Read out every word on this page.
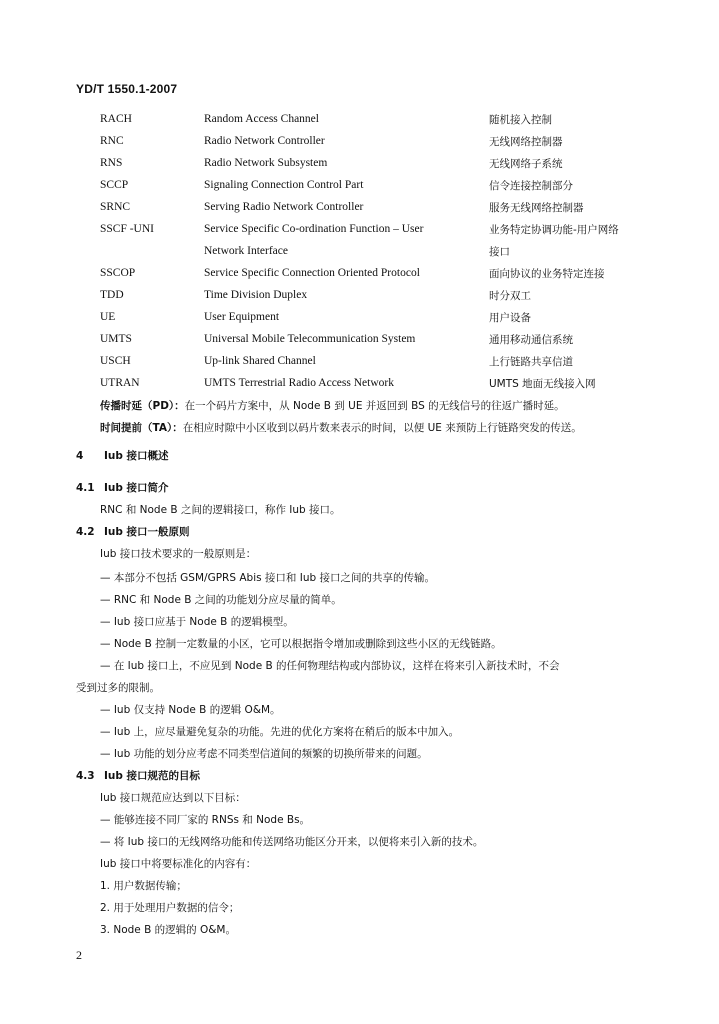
YD/T 1550.1-2007
RACH	Random Access Channel	随机接入控制
RNC	Radio Network Controller	无线网络控制器
RNS	Radio Network Subsystem	无线网络子系统
SCCP	Signaling Connection Control Part	信令连接控制部分
SRNC	Serving Radio Network Controller	服务无线网络控制器
SSCF -UNI	Service Specific Co-ordination Function – User	业务特定协调功能-用户网络
Network Interface	接口
SSCOP	Service Specific Connection Oriented Protocol	面向协议的业务特定连接
TDD	Time Division Duplex	时分双工
UE	User Equipment	用户设备
UMTS	Universal Mobile Telecommunication System	通用移动通信系统
USCH	Up-link Shared Channel	上行链路共享信道
UTRAN	UMTS Terrestrial Radio Access Network	UMTS 地面无线接入网
传播时延（PD）：在一个码片方案中，从 Node B 到 UE 并返回到 BS 的无线信号的往返广播时延。
时间提前（TA）：在相应时隙中小区收到以码片数来表示的时间，以便 UE 来预防上行链路突发的传送。
4 Iub 接口概述
4.1 Iub 接口简介
RNC 和 Node B 之间的逻辑接口，称作 Iub 接口。
4.2 Iub 接口一般原则
Iub 接口技术要求的一般原则是：
— 本部分不包括 GSM/GPRS Abis 接口和 Iub 接口之间的共享的传输。
— RNC 和 Node B 之间的功能划分应尽量的简单。
— Iub 接口应基于 Node B 的逻辑模型。
— Node B 控制一定数量的小区，它可以根据指令增加或删除到这些小区的无线链路。
— 在 Iub 接口上，不应见到 Node B 的任何物理结构或内部协议，这样在将来引入新技术时，不会
受到过多的限制。
— Iub 仅支持 Node B 的逻辑 O&M。
— Iub 上，应尽量避免复杂的功能。先进的优化方案将在稍后的版本中加入。
— Iub 功能的划分应考虑不同类型信道间的频繁的切换所带来的问题。
4.3 Iub 接口规范的目标
Iub 接口规范应达到以下目标：
— 能够连接不同厂家的 RNSs 和 Node Bs。
— 将 Iub 接口的无线网络功能和传送网络功能区分开来，以便将来引入新的技术。
Iub 接口中将要标准化的内容有：
1. 用户数据传输；
2. 用于处理用户数据的信令；
3. Node B 的逻辑的 O&M。
2
